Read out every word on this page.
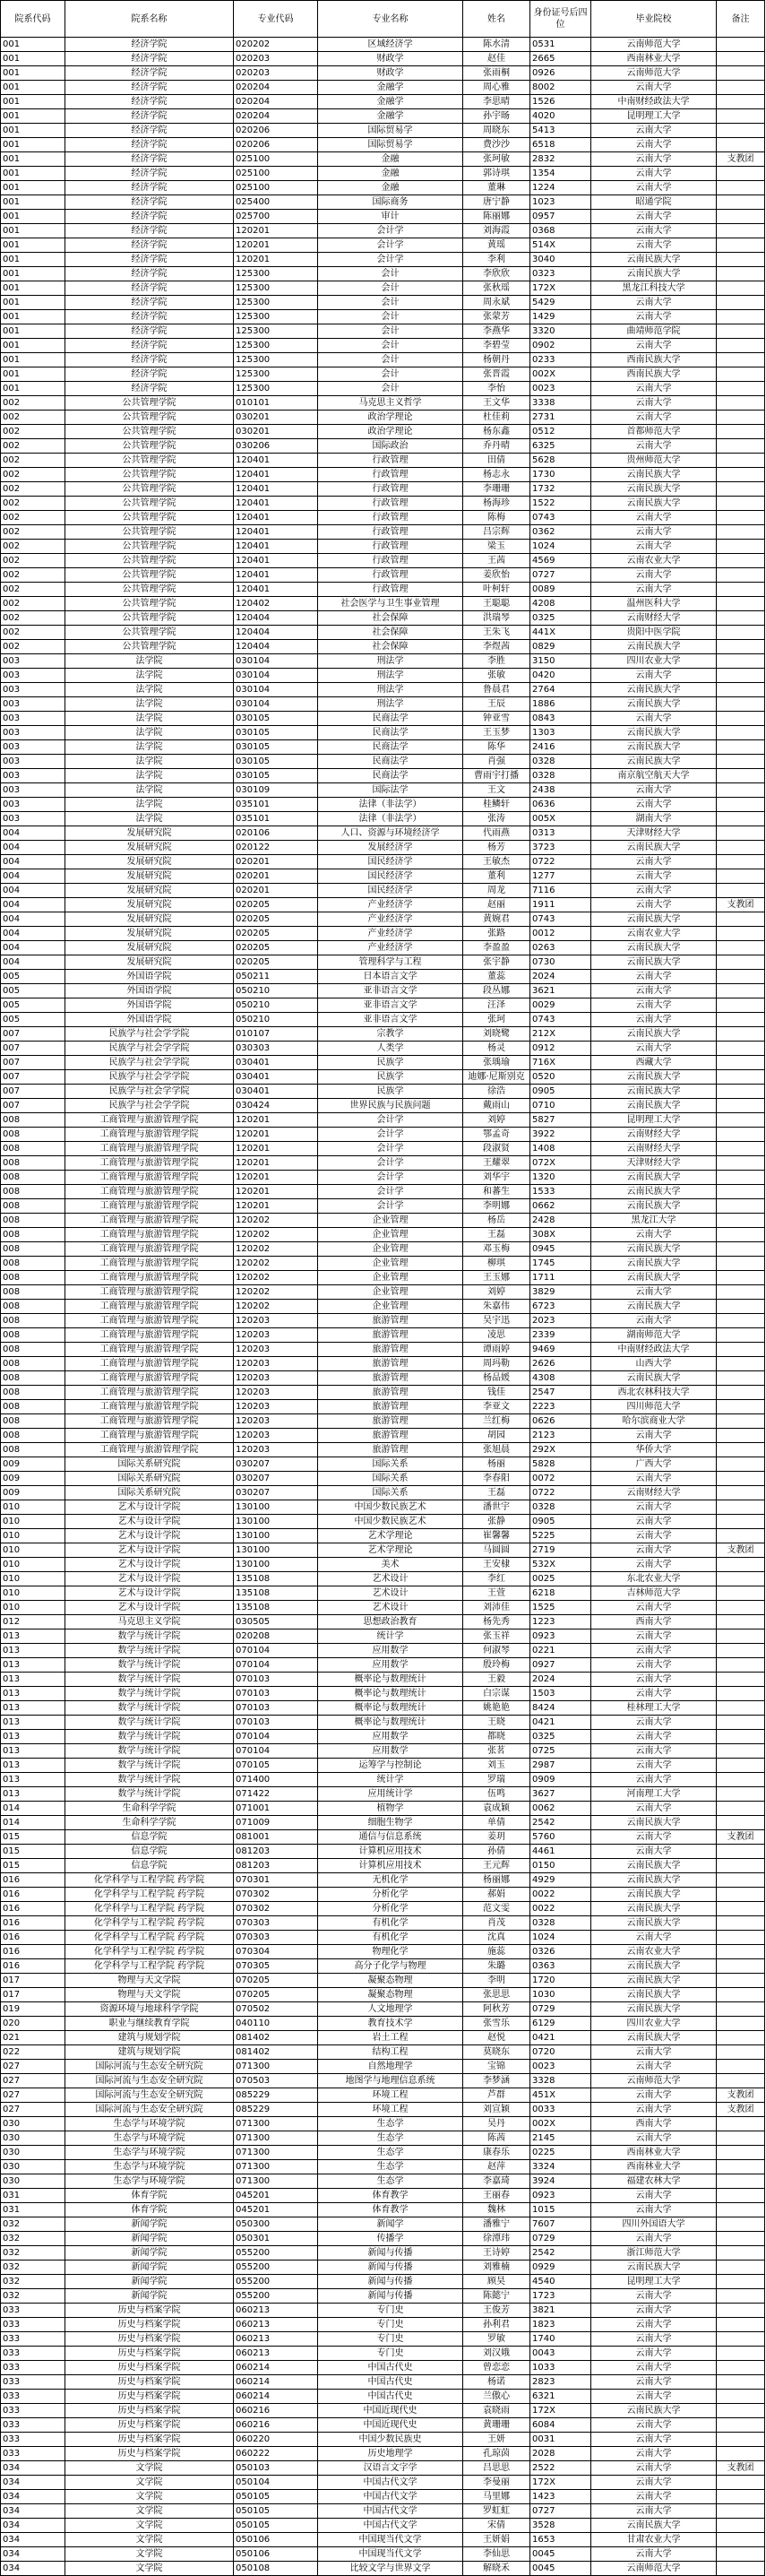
院系代码	院系名称	专业代码	专业名称	姓名	身份证号后四位	毕业院校	备注
001	经济学院	020202	区域经济学	陈水清	0531	云南师范大学	
001	经济学院	020203	财政学	赵佳	2665	西南林业大学	
001	经济学院	020203	财政学	张雨桐	0926	云南师范大学	
001	经济学院	020204	金融学	周心雅	8002	云南大学	
001	经济学院	020204	金融学	李思晴	1526	中南财经政法大学	
001	经济学院	020204	金融学	孙宇旸	4020	昆明理工大学	
001	经济学院	020206	国际贸易学	周晓东	5413	云南大学	
001	经济学院	020206	国际贸易学	费沙沙	6518	云南大学	
001	经济学院	025100	金融	张珂敏	2832	云南大学	支教团
001	经济学院	025100	金融	郭诗琪	1354	云南大学	
001	经济学院	025100	金融	董琳	1224	云南大学	
001	经济学院	025400	国际商务	唐宁静	1023	昭通学院	
001	经济学院	025700	审计	陈丽娜	0957	云南大学	
001	经济学院	120201	会计学	刘海霞	0368	云南大学	
001	经济学院	120201	会计学	黄瑶	514X	云南大学	
001	经济学院	120201	会计学	李利	3040	云南民族大学	
001	经济学院	125300	会计	李欣欣	0323	云南民族大学	
001	经济学院	125300	会计	张秋瑶	172X	黑龙江科技大学	
001	经济学院	125300	会计	周永斌	5429	云南大学	
001	经济学院	125300	会计	张蒙芳	1429	云南大学	
001	经济学院	125300	会计	李燕华	3320	曲靖师范学院	
001	经济学院	125300	会计	李碧莹	0902	云南大学	
001	经济学院	125300	会计	杨朝丹	0233	西南民族大学	
001	经济学院	125300	会计	张晋霞	002X	西南民族大学	
001	经济学院	125300	会计	李怡	0023	云南大学	
002	公共管理学院	010101	马克思主义哲学	王文华	3338	云南大学	
002	公共管理学院	030201	政治学理论	杜佳莉	2731	云南大学	
002	公共管理学院	030201	政治学理论	杨东鑫	0512	首都师范大学	
002	公共管理学院	030206	国际政治	乔丹晴	6325	云南大学	
002	公共管理学院	120401	行政管理	田倩	5628	贵州师范大学	
002	公共管理学院	120401	行政管理	杨志永	1730	云南民族大学	
002	公共管理学院	120401	行政管理	李珊珊	1732	云南民族大学	
002	公共管理学院	120401	行政管理	杨海珍	1522	云南民族大学	
002	公共管理学院	120401	行政管理	陈梅	0743	云南大学	
002	公共管理学院	120401	行政管理	吕宗辉	0362	云南大学	
002	公共管理学院	120401	行政管理	梁玉	1024	云南大学	
002	公共管理学院	120401	行政管理	王茜	4569	云南农业大学	
002	公共管理学院	120401	行政管理	姜欣怡	0727	云南大学	
002	公共管理学院	120401	行政管理	叶柯轩	0089	云南大学	
002	公共管理学院	120402	社会医学与卫生事业管理	王聪聪	4208	温州医科大学	
002	公共管理学院	120404	社会保障	洪瑞琴	0325	云南财经大学	
002	公共管理学院	120404	社会保障	王朱飞	441X	贵阳中医学院	
002	公共管理学院	120404	社会保障	李煜茜	0829	云南民族大学	
003	法学院	030104	刑法学	李胜	3150	四川农业大学	
003	法学院	030104	刑法学	张敏	0420	云南大学	
003	法学院	030104	刑法学	鲁晨君	2764	云南民族大学	
003	法学院	030104	刑法学	王辰	1886	云南民族大学	
003	法学院	030105	民商法学	钟亚雪	0843	云南大学	
003	法学院	030105	民商法学	王玉梦	1303	云南民族大学	
003	法学院	030105	民商法学	陈华	2416	云南民族大学	
003	法学院	030105	民商法学	肖强	0328	云南民族大学	
003	法学院	030105	民商法学	曹雨宇打播	0328	南京航空航天大学	
003	法学院	030109	国际法学	王文	2438	云南大学	
003	法学院	035101	法律（非法学）	桂鳞轩	0636	云南大学	
003	法学院	035101	法律（非法学）	张涛	005X	湖南大学	
004	发展研究院	020106	人口、资源与环境经济学	代雨燕	0313	天津财经大学	
004	发展研究院	020122	发展经济学	杨芳	3723	云南民族大学	
004	发展研究院	020201	国民经济学	王敏杰	0722	云南大学	
004	发展研究院	020201	国民经济学	董利	1277	云南大学	
004	发展研究院	020201	国民经济学	周龙	7116	云南大学	
004	发展研究院	020205	产业经济学	赵丽	1911	云南大学	支教团
004	发展研究院	020205	产业经济学	黄婉君	0743	云南民族大学	
004	发展研究院	020205	产业经济学	张路	0012	云南农业大学	
004	发展研究院	020205	产业经济学	李盈盈	0263	云南民族大学	
004	发展研究院	020205	管理科学与工程	张宇静	0730	云南民族大学	
005	外国语学院	050211	日本语言文学	董蕊	2024	云南大学	
005	外国语学院	050210	亚非语言文学	段丛娜	3621	云南大学	
005	外国语学院	050210	亚非语言文学	汪泽	0029	云南大学	
005	外国语学院	050210	亚非语言文学	张珂	0743	云南大学	
007	民族学与社会学学院	010107	宗教学	刘晓鹭	212X	云南民族大学	
007	民族学与社会学学院	030303	人类学	杨灵	0912	云南大学	
007	民族学与社会学学院	030401	民族学	张瑀瑜	716X	西藏大学	
007	民族学与社会学学院	030401	民族学	迪娜·尼斯别克	0520	云南民族大学	
007	民族学与社会学学院	030401	民族学	徐浩	0905	云南民族大学	
007	民族学与社会学学院	030424	世界民族与民族问题	戴雨山	0710	云南民族大学	
008	工商管理与旅游管理学院	120201	会计学	刘婷	5827	昆明理工大学	
008	工商管理与旅游管理学院	120201	会计学	鄂孟奇	3922	云南财经大学	
008	工商管理与旅游管理学院	120201	会计学	段淑贤	1408	云南财经大学	
008	工商管理与旅游管理学院	120201	会计学	王耀翠	072X	天津财经大学	
008	工商管理与旅游管理学院	120201	会计学	刘华宇	1320	云南民族大学	
008	工商管理与旅游管理学院	120201	会计学	和蕃生	1533	云南民族大学	
008	工商管理与旅游管理学院	120201	会计学	李明娜	0662	云南民族大学	
008	工商管理与旅游管理学院	120202	企业管理	杨岳	2428	黑龙江大学	
008	工商管理与旅游管理学院	120202	企业管理	王磊	308X	云南大学	
008	工商管理与旅游管理学院	120202	企业管理	邓玉梅	0945	云南民族大学	
008	工商管理与旅游管理学院	120202	企业管理	柳琪	1745	云南民族大学	
008	工商管理与旅游管理学院	120202	企业管理	王玉娜	1711	云南民族大学	
008	工商管理与旅游管理学院	120202	企业管理	刘婷	3829	云南大学	
008	工商管理与旅游管理学院	120202	企业管理	朱嘉伟	6723	云南民族大学	
008	工商管理与旅游管理学院	120203	旅游管理	吴宇迅	2023	云南大学	
008	工商管理与旅游管理学院	120203	旅游管理	凌思	2339	湖南师范大学	
008	工商管理与旅游管理学院	120203	旅游管理	谭雨婷	9469	中南财经政法大学	
008	工商管理与旅游管理学院	120203	旅游管理	周玛勒	2626	山西大学	
008	工商管理与旅游管理学院	120203	旅游管理	杨品媛	4308	云南民族大学	
008	工商管理与旅游管理学院	120203	旅游管理	钱佳	2547	西北农林科技大学	
008	工商管理与旅游管理学院	120203	旅游管理	李亚文	2223	四川师范大学	
008	工商管理与旅游管理学院	120203	旅游管理	兰红梅	0626	哈尔滨商业大学	
008	工商管理与旅游管理学院	120203	旅游管理	胡园	2123	云南大学	
008	工商管理与旅游管理学院	120203	旅游管理	张旭晨	292X	华侨大学	
009	国际关系研究院	030207	国际关系	杨丽	5828	广西大学	
009	国际关系研究院	030207	国际关系	李春阳	0072	云南大学	
009	国际关系研究院	030207	国际关系	王磊	0722	云南财经大学	
010	艺术与设计学院	130100	中国少数民族艺术	潘世宇	0328	云南大学	
010	艺术与设计学院	130100	中国少数民族艺术	张静	0905	云南大学	
010	艺术与设计学院	130100	艺术学理论	崔馨馨	5225	云南大学	
010	艺术与设计学院	130100	艺术学理论	马圆圆	2719	云南大学	支教团
010	艺术与设计学院	130100	美术	王安棣	532X	云南大学	
010	艺术与设计学院	135108	艺术设计	李红	0025	东北农业大学	
010	艺术与设计学院	135108	艺术设计	王萱	6218	吉林师范大学	
010	艺术与设计学院	135108	艺术设计	刘沛佳	1525	云南大学	
012	马克思主义学院	030505	思想政治教育	杨先秀	1223	西南大学	
013	数学与统计学院	020208	统计学	张玉祥	0923	云南大学	
013	数学与统计学院	070104	应用数学	何淑琴	0221	云南大学	
013	数学与统计学院	070104	应用数学	殷玲梅	0927	云南大学	
013	数学与统计学院	070103	概率论与数理统计	王毅	2024	云南大学	
013	数学与统计学院	070103	概率论与数理统计	白宗谋	1503	云南大学	
013	数学与统计学院	070103	概率论与数理统计	姚艳艳	8424	桂林理工大学	
013	数学与统计学院	070103	概率论与数理统计	王晓	0421	云南大学	
013	数学与统计学院	070104	应用数学	都晓	0325	云南大学	
013	数学与统计学院	070104	应用数学	张茗	0725	云南大学	
013	数学与统计学院	070105	运筹学与控制论	刘玉	2987	云南大学	
013	数学与统计学院	071400	统计学	罗瑞	0909	云南大学	
013	数学与统计学院	071422	应用统计学	伍鸣	3627	河南理工大学	
014	生命科学学院	071001	植物学	袁成颖	0062	云南大学	
014	生命科学学院	071009	细胞生物学	单倩	2542	云南民族大学	
015	信息学院	081001	通信与信息系统	姜玥	5760	云南大学	支教团
015	信息学院	081203	计算机应用技术	孙倩	4461	云南大学	
015	信息学院	081203	计算机应用技术	王元辉	0150	云南民族大学	
016	化学科学与工程学院 药学院	070301	无机化学	杨丽娜	4929	云南民族大学	
016	化学科学与工程学院 药学院	070302	分析化学	郝娟	0022	云南民族大学	
016	化学科学与工程学院 药学院	070302	分析化学	范文雯	0022	云南民族大学	
016	化学科学与工程学院 药学院	070303	有机化学	肖茂	0328	云南民族大学	
016	化学科学与工程学院 药学院	070303	有机化学	沈真	1024	云南大学	
016	化学科学与工程学院 药学院	070304	物理化学	施蕊	0326	云南农业大学	
016	化学科学与工程学院 药学院	070305	高分子化学与物理	朱璐	0363	云南民族大学	
017	物理与天文学院	070205	凝聚态物理	李明	1720	云南民族大学	
017	物理与天文学院	070205	凝聚态物理	张思思	1030	云南民族大学	
019	资源环境与地球科学学院	070502	人文地理学	阿秋芳	0729	云南民族大学	
020	职业与继续教育学院	040110	教育技术学	张雪乐	6129	四川农业大学	
021	建筑与规划学院	081402	岩土工程	赵悦	0421	云南民族大学	
022	建筑与规划学院	081402	结构工程	莫晓东	0720	云南大学	
027	国际河流与生态安全研究院	071300	自然地理学	宝锦	0023	云南大学	
027	国际河流与生态安全研究院	070503	地图学与地理信息系统	李梦涵	3328	云南师范大学	
027	国际河流与生态安全研究院	085229	环境工程	芦群	451X	云南大学	支教团
027	国际河流与生态安全研究院	085229	环境工程	刘宣颖	0033	云南大学	支教团
030	生态学与环境学院	071300	生态学	吴丹	002X	西南大学	
030	生态学与环境学院	071300	生态学	陈茜	2145	云南大学	
030	生态学与环境学院	071300	生态学	康春乐	0225	西南林业大学	
030	生态学与环境学院	071300	生态学	赵萍	3324	西南林业大学	
030	生态学与环境学院	071300	生态学	李嘉琦	3924	福建农林大学	
031	体育学院	045201	体育教学	王丽春	0923	云南大学	
031	体育学院	045201	体育教学	魏林	1015	云南大学	
032	新闻学院	050300	新闻学	潘雅宁	7607	四川外国语大学	
032	新闻学院	050301	传播学	徐潭玮	0729	云南大学	
032	新闻学院	055200	新闻与传播	王诗婷	2542	浙江师范大学	
032	新闻学院	055200	新闻与传播	刘雅楠	0929	云南民族大学	
032	新闻学院	055200	新闻与传播	顾昊	4540	昆明理工大学	
032	新闻学院	055200	新闻与传播	陈懿宁	1723	云南大学	
033	历史与档案学院	060213	专门史	王俊芳	3821	云南大学	
033	历史与档案学院	060213	专门史	孙利君	1823	云南大学	
033	历史与档案学院	060213	专门史	罗敏	1740	云南大学	
033	历史与档案学院	060213	专门史	刘汉娥	0043	云南大学	
033	历史与档案学院	060214	中国古代史	曾恋恋	1033	云南大学	
033	历史与档案学院	060214	中国古代史	杨诺	2823	云南大学	
033	历史与档案学院	060214	中国古代史	兰傲心	6321	云南大学	
033	历史与档案学院	060216	中国近现代史	袁晓雨	172X	云南民族大学	
033	历史与档案学院	060216	中国近现代史	黄珊珊	6084	云南大学	
033	历史与档案学院	060220	中国少数民族史	王妍	0031	云南大学	
033	历史与档案学院	060222	历史地理学	孔琼茵	2028	云南大学	
034	文学院	050103	汉语言文字学	吕思思	2522	云南大学	支教团
034	文学院	050104	中国古代文学	李曼丽	172X	云南大学	
034	文学院	050105	中国古代文学	马里娜	1423	云南大学	
034	文学院	050105	中国古代文学	罗虹虹	0727	云南大学	
034	文学院	050105	中国古代文学	宋倩	3528	云南民族大学	
034	文学院	050106	中国现当代文学	王妍娟	1653	甘肃农业大学	
034	文学院	050106	中国现当代文学	李仙思	0045	云南大学	
034	文学院	050108	比较文学与世界文学	解晓禾	0045	云南师范大学	
